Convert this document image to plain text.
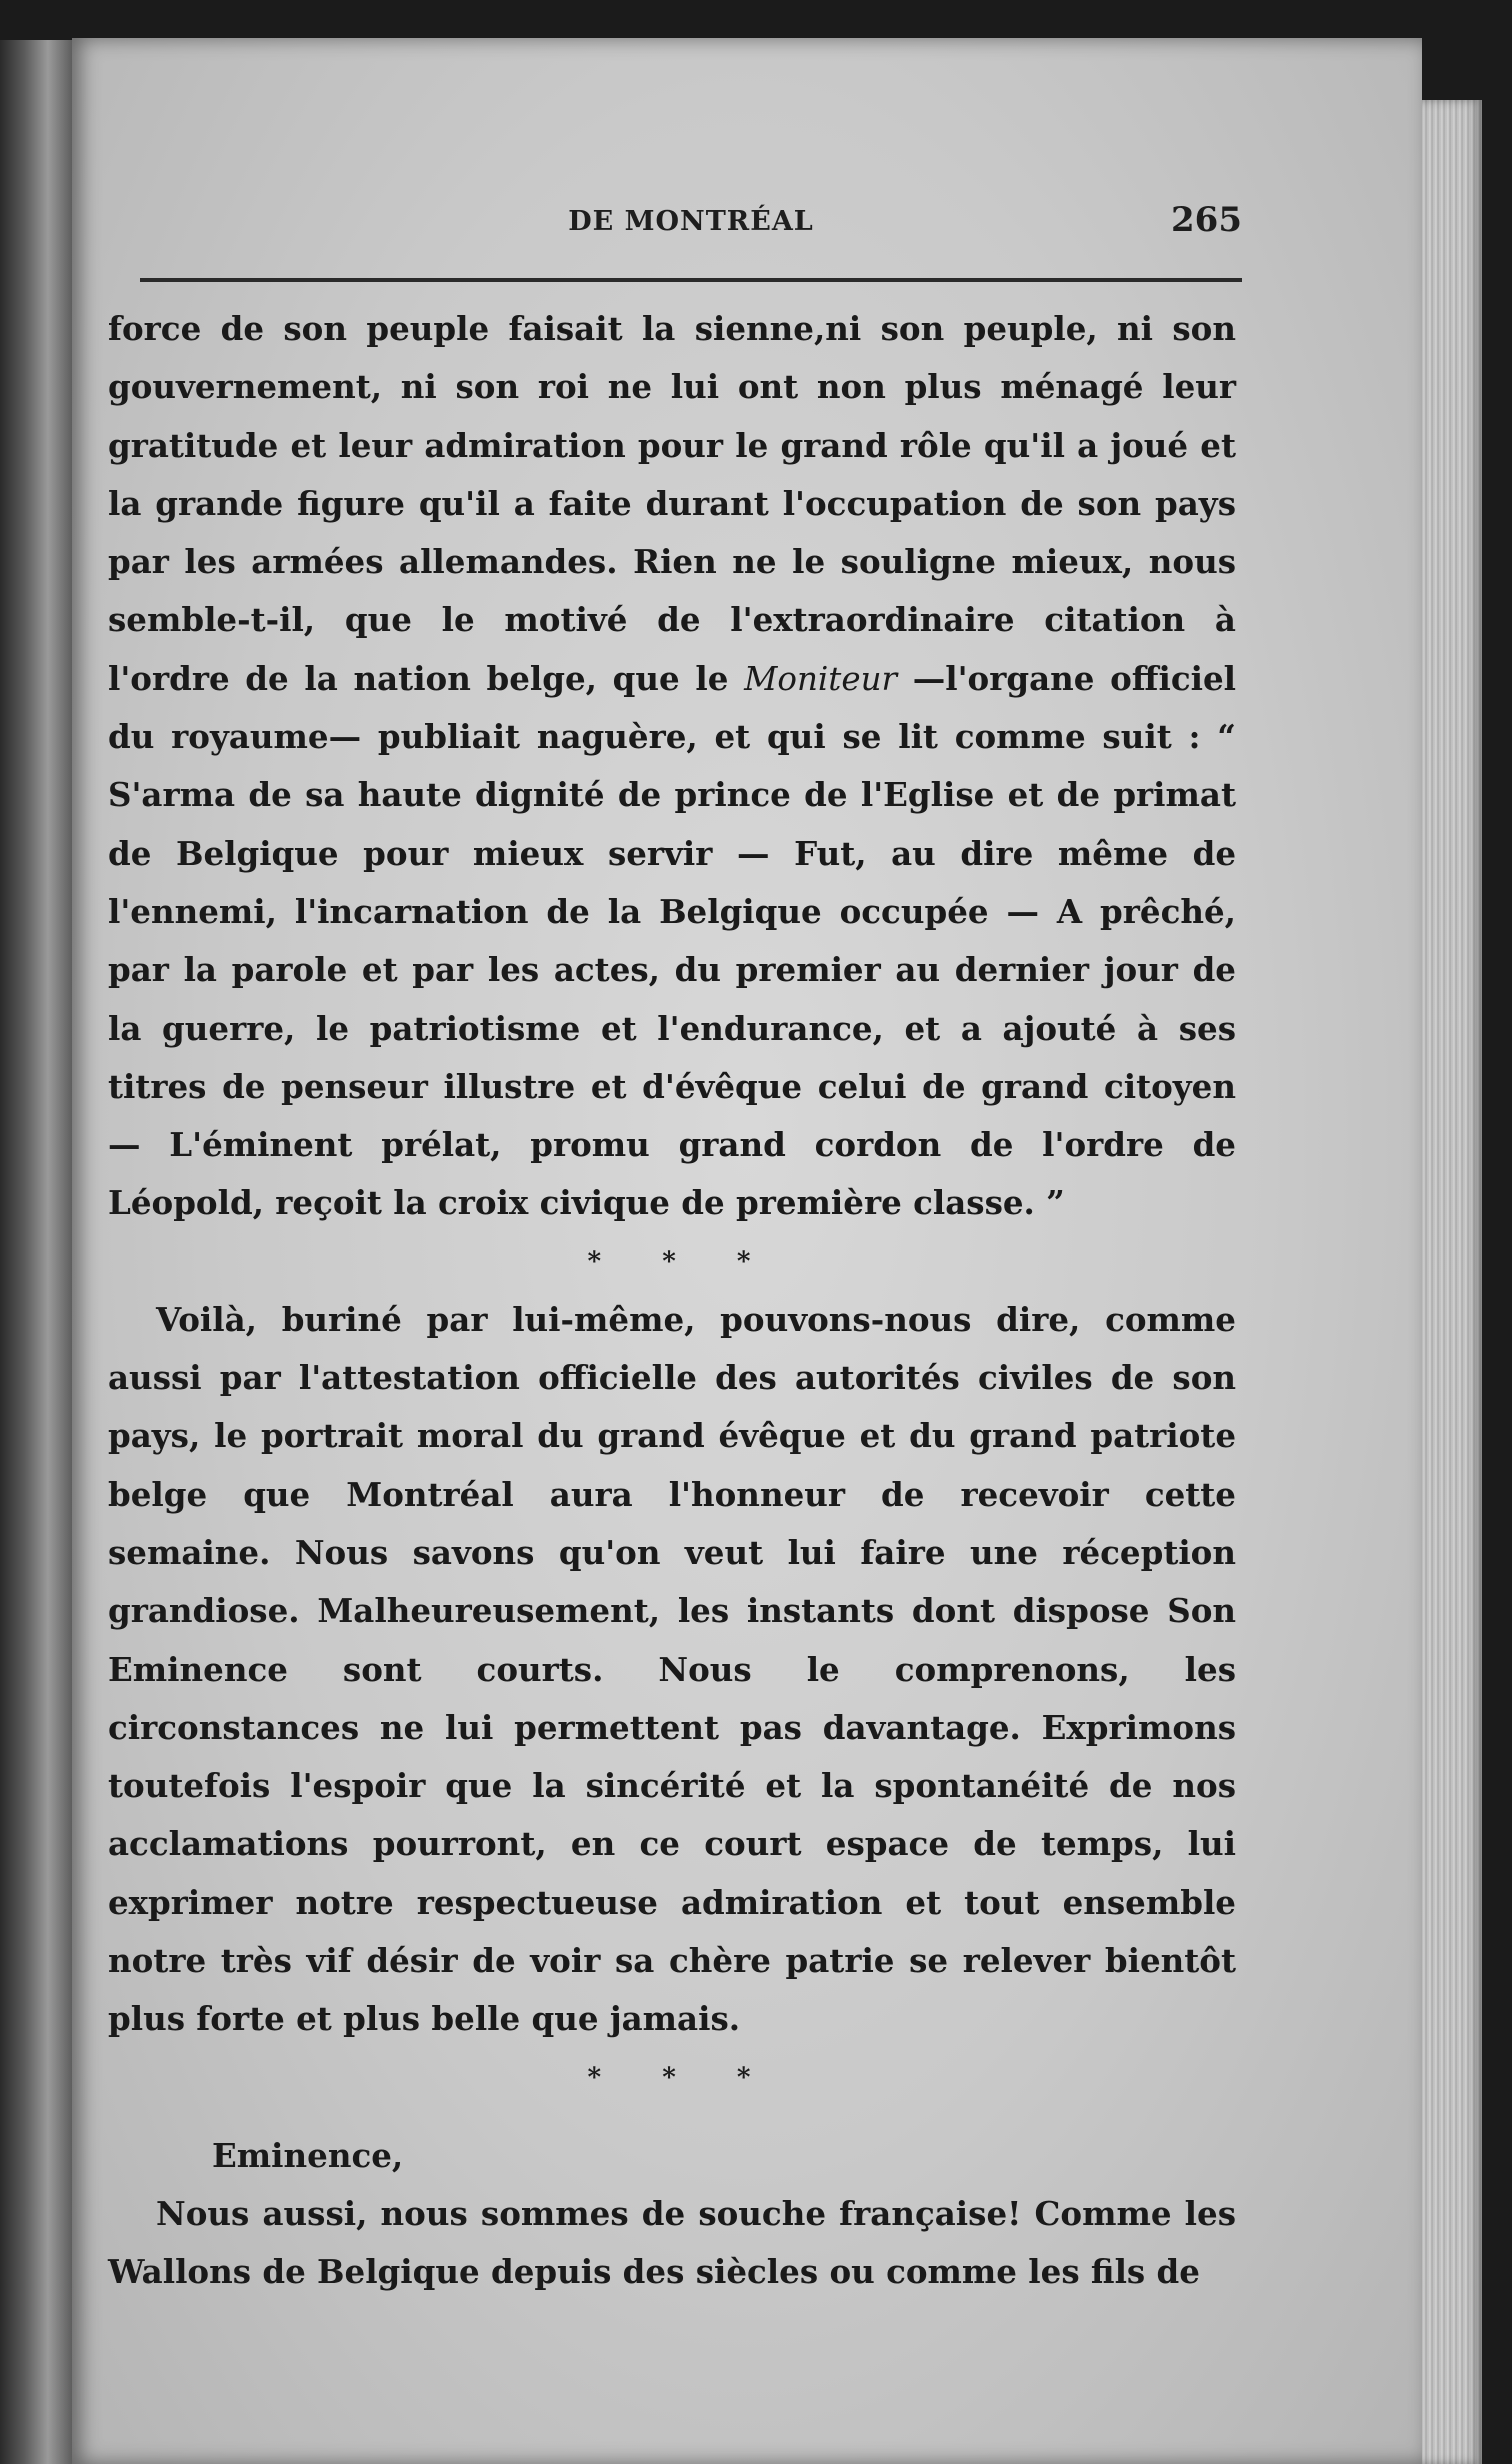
DE MONTRÉAL	265

force de son peuple faisait la sienne,ni son peuple, ni son gouvernement, ni son roi ne lui ont non plus ménagé leur gratitude et leur admiration pour le grand rôle qu'il a joué et la grande figure qu'il a faite durant l'occupation de son pays par les armées allemandes. Rien ne le souligne mieux, nous semble-t-il, que le motivé de l'extraordinaire citation à l'ordre de la nation belge, que le Moniteur —l'organe officiel du royaume— publiait naguère, et qui se lit comme suit : “ S'arma de sa haute dignité de prince de l'Eglise et de primat de Belgique pour mieux servir — Fut, au dire même de l'ennemi, l'incarnation de la Belgique occupée — A prêché, par la parole et par les actes, du premier au dernier jour de la guerre, le patriotisme et l'endurance, et a ajouté à ses titres de penseur illustre et d'évêque celui de grand citoyen — L'éminent prélat, promu grand cordon de l'ordre de Léopold, reçoit la croix civique de première classe. ”

* * *

Voilà, buriné par lui-même, pouvons-nous dire, comme aussi par l'attestation officielle des autorités civiles de son pays, le portrait moral du grand évêque et du grand patriote belge que Montréal aura l'honneur de recevoir cette semaine. Nous savons qu'on veut lui faire une réception grandiose. Malheureusement, les instants dont dispose Son Eminence sont courts. Nous le comprenons, les circonstances ne lui permettent pas davantage. Exprimons toutefois l'espoir que la sincérité et la spontanéité de nos acclamations pourront, en ce court espace de temps, lui exprimer notre respectueuse admiration et tout ensemble notre très vif désir de voir sa chère patrie se relever bientôt plus forte et plus belle que jamais.

* * *

Eminence,

Nous aussi, nous sommes de souche française! Comme les Wallons de Belgique depuis des siècles ou comme les fils de
